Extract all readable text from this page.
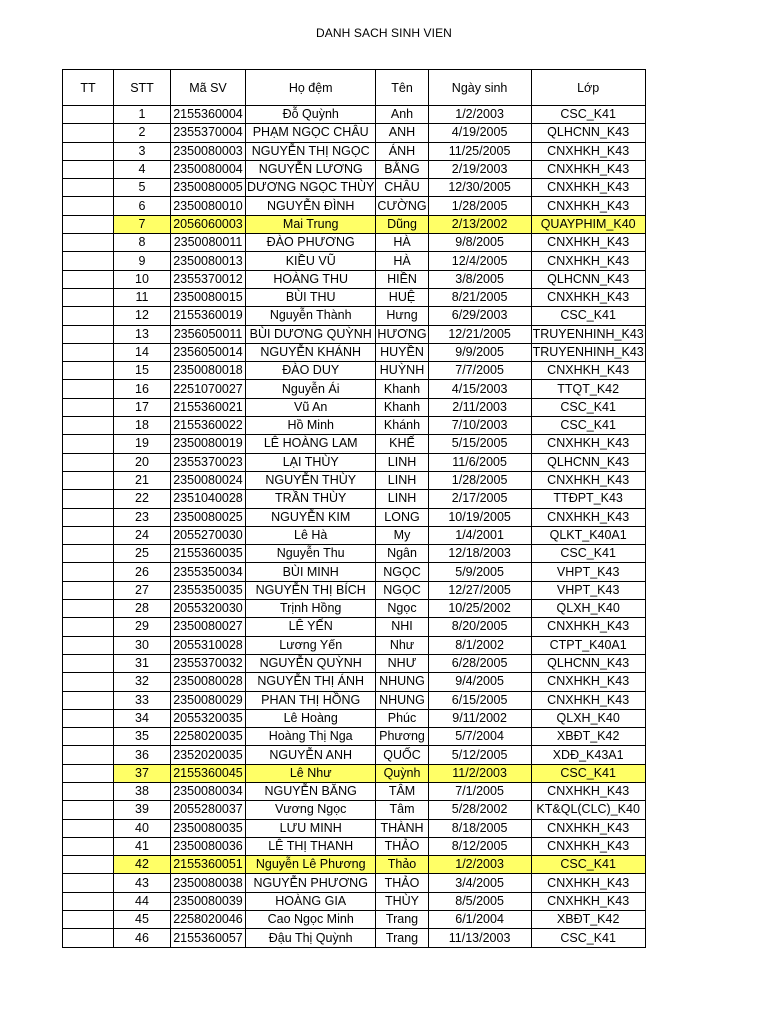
DANH SACH SINH VIEN
TT	STT	Mã SV	Họ đệm	Tên	Ngày sinh	Lớp
	1	2155360004	Đỗ Quỳnh	Anh	1/2/2003	CSC_K41
	2	2355370004	PHẠM NGỌC CHÂU	ANH	4/19/2005	QLHCNN_K43
	3	2350080003	NGUYỄN THỊ NGỌC	ÁNH	11/25/2005	CNXHKH_K43
	4	2350080004	NGUYỄN LƯƠNG	BẰNG	2/19/2003	CNXHKH_K43
	5	2350080005	DƯƠNG NGỌC THÙY	CHÂU	12/30/2005	CNXHKH_K43
	6	2350080010	NGUYỄN ĐÌNH	CƯỜNG	1/28/2005	CNXHKH_K43
	7	2056060003	Mai Trung	Dũng	2/13/2002	QUAYPHIM_K40
	8	2350080011	ĐÀO PHƯƠNG	HÀ	9/8/2005	CNXHKH_K43
	9	2350080013	KIỀU VŨ	HÀ	12/4/2005	CNXHKH_K43
	10	2355370012	HOÀNG THU	HIỀN	3/8/2005	QLHCNN_K43
	11	2350080015	BÙI THU	HUỆ	8/21/2005	CNXHKH_K43
	12	2155360019	Nguyễn Thành	Hưng	6/29/2003	CSC_K41
	13	2356050011	BÙI DƯƠNG QUỲNH	HƯƠNG	12/21/2005	TRUYENHINH_K43
	14	2356050014	NGUYỄN KHÁNH	HUYỀN	9/9/2005	TRUYENHINH_K43
	15	2350080018	ĐÀO DUY	HUỲNH	7/7/2005	CNXHKH_K43
	16	2251070027	Nguyễn Ái	Khanh	4/15/2003	TTQT_K42
	17	2155360021	Vũ An	Khanh	2/11/2003	CSC_K41
	18	2155360022	Hồ Minh	Khánh	7/10/2003	CSC_K41
	19	2350080019	LÊ HOÀNG LAM	KHẾ	5/15/2005	CNXHKH_K43
	20	2355370023	LẠI THÙY	LINH	11/6/2005	QLHCNN_K43
	21	2350080024	NGUYỄN THÙY	LINH	1/28/2005	CNXHKH_K43
	22	2351040028	TRẦN THÙY	LINH	2/17/2005	TTĐPT_K43
	23	2350080025	NGUYỄN KIM	LONG	10/19/2005	CNXHKH_K43
	24	2055270030	Lê Hà	My	1/4/2001	QLKT_K40A1
	25	2155360035	Nguyễn Thu	Ngân	12/18/2003	CSC_K41
	26	2355350034	BÙI MINH	NGỌC	5/9/2005	VHPT_K43
	27	2355350035	NGUYỄN THỊ BÍCH	NGỌC	12/27/2005	VHPT_K43
	28	2055320030	Trịnh Hồng	Ngọc	10/25/2002	QLXH_K40
	29	2350080027	LÊ YẾN	NHI	8/20/2005	CNXHKH_K43
	30	2055310028	Lương Yến	Như	8/1/2002	CTPT_K40A1
	31	2355370032	NGUYỄN QUỲNH	NHƯ	6/28/2005	QLHCNN_K43
	32	2350080028	NGUYỄN THỊ ÁNH	NHUNG	9/4/2005	CNXHKH_K43
	33	2350080029	PHAN THỊ HỒNG	NHUNG	6/15/2005	CNXHKH_K43
	34	2055320035	Lê Hoàng	Phúc	9/11/2002	QLXH_K40
	35	2258020035	Hoàng Thị Nga	Phương	5/7/2004	XBĐT_K42
	36	2352020035	NGUYỄN ANH	QUỐC	5/12/2005	XDĐ_K43A1
	37	2155360045	Lê Như	Quỳnh	11/2/2003	CSC_K41
	38	2350080034	NGUYỄN BĂNG	TÂM	7/1/2005	CNXHKH_K43
	39	2055280037	Vương Ngọc	Tâm	5/28/2002	KT&QL(CLC)_K40
	40	2350080035	LƯU MINH	THÀNH	8/18/2005	CNXHKH_K43
	41	2350080036	LÊ THỊ THANH	THẢO	8/12/2005	CNXHKH_K43
	42	2155360051	Nguyễn Lê Phương	Thảo	1/2/2003	CSC_K41
	43	2350080038	NGUYỄN PHƯƠNG	THẢO	3/4/2005	CNXHKH_K43
	44	2350080039	HOÀNG GIA	THÙY	8/5/2005	CNXHKH_K43
	45	2258020046	Cao Ngọc Minh	Trang	6/1/2004	XBĐT_K42
	46	2155360057	Đậu Thị Quỳnh	Trang	11/13/2003	CSC_K41
